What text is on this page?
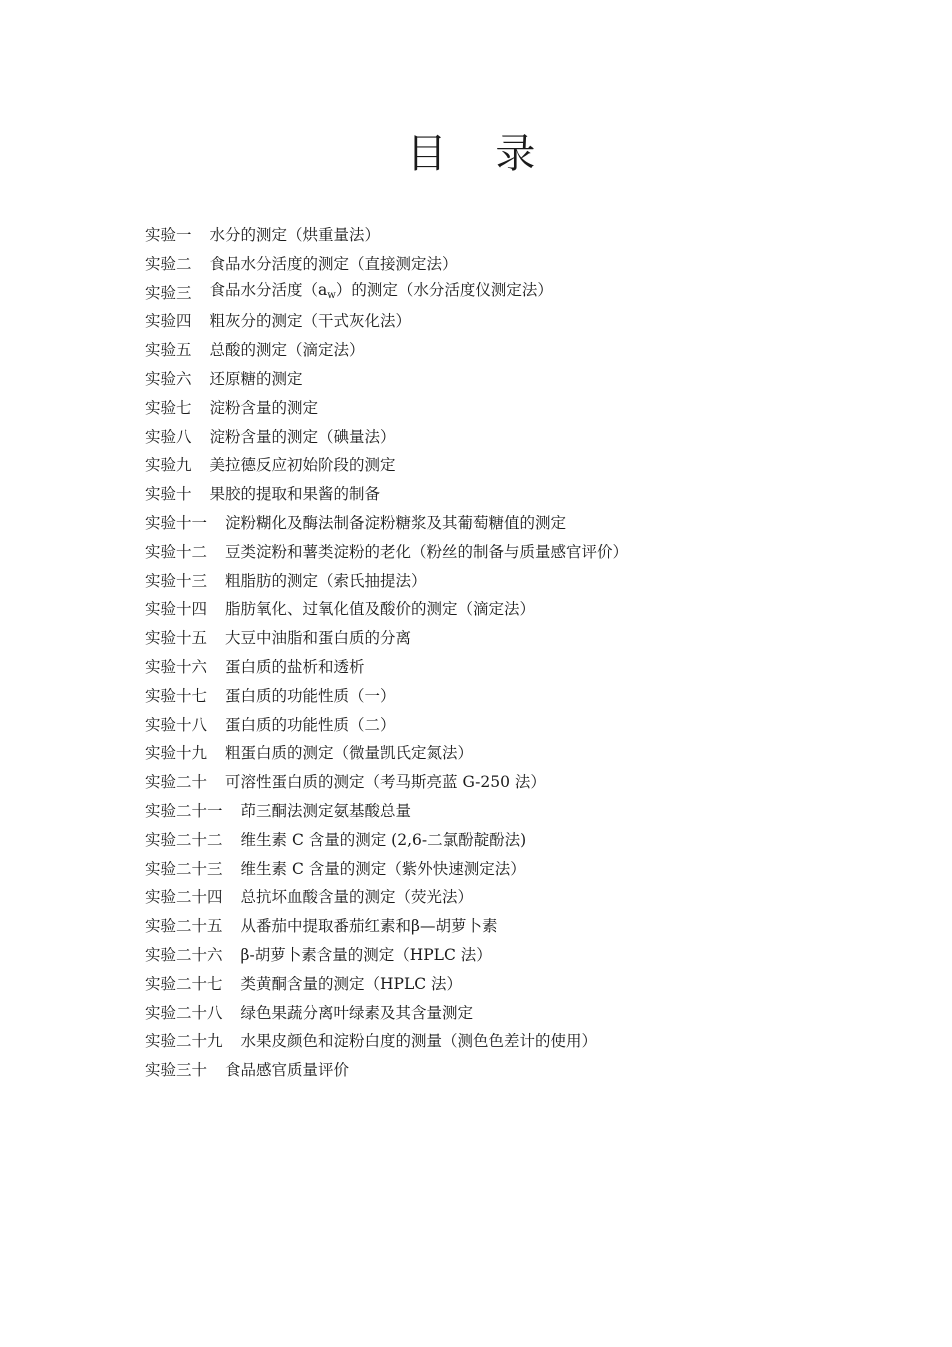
目 录
实验一 水分的测定（烘重量法）
实验二 食品水分活度的测定（直接测定法）
实验三 食品水分活度$(a_w)$的测定（水分活度仪测定法）
实验四 粗灰分的测定（干式灰化法）
实验五 总酸的测定（滴定法）
实验六 还原糖的测定
实验七 淀粉含量的测定
实验八 淀粉含量的测定（碘量法）
实验九 美拉德反应初始阶段的测定
实验十 果胶的提取和果酱的制备
实验十一 淀粉糊化及酶法制备淀粉糖浆及其葡萄糖值的测定
实验十二 豆类淀粉和薯类淀粉的老化（粉丝的制备与质量感官评价）
实验十三 粗脂肪的测定（索氏抽提法）
实验十四 脂肪氧化、过氧化值及酸价的测定（滴定法）
实验十五 大豆中油脂和蛋白质的分离
实验十六 蛋白质的盐析和透析
实验十七 蛋白质的功能性质（一）
实验十八 蛋白质的功能性质（二）
实验十九 粗蛋白质的测定（微量凯氏定氮法）
实验二十 可溶性蛋白质的测定（考马斯亮蓝 G-250 法）
实验二十一 茚三酮法测定氨基酸总量
实验二十二 维生素 C 含量的测定 (2,6-二氯酚靛酚法)
实验二十三 维生素 C 含量的测定（紫外快速测定法）
实验二十四 总抗坏血酸含量的测定（荧光法）
实验二十五 从番茄中提取番茄红素和β—胡萝卜素
实验二十六 β-胡萝卜素含量的测定（HPLC 法）
实验二十七 类黄酮含量的测定（HPLC 法）
实验二十八 绿色果蔬分离叶绿素及其含量测定
实验二十九 水果皮颜色和淀粉白度的测量（测色色差计的使用）
实验三十 食品感官质量评价
